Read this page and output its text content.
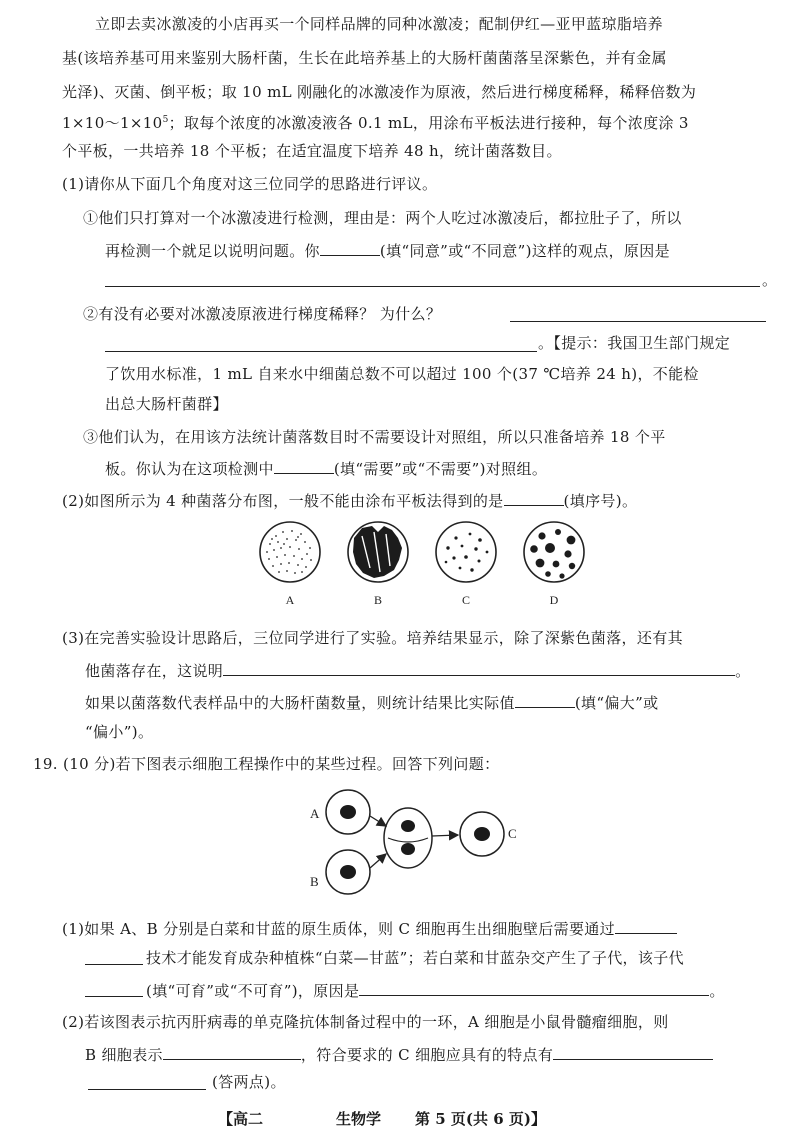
立即去卖冰激凌的小店再买一个同样品牌的同种冰激凌；配制伊红—亚甲蓝琼脂培养
基(该培养基可用来鉴别大肠杆菌，生长在此培养基上的大肠杆菌菌落呈深紫色，并有金属
光泽)、灭菌、倒平板；取 10 mL 刚融化的冰激凌作为原液，然后进行梯度稀释，稀释倍数为
$1\times 10\sim 1\times 10^5$；取每个浓度的冰激凌液各 0.1 mL，用涂布平板法进行接种，每个浓度涂 3
个平板，一共培养 18 个平板；在适宜温度下培养 48 h，统计菌落数目。
(1)请你从下面几个角度对这三位同学的思路进行评议。
①他们只打算对一个冰激凌进行检测，理由是：两个人吃过冰激凌后，都拉肚子了，所以
再检测一个就足以说明问题。你	(填“同意”或“不同意”)这样的观点，原因是
。
②有没有必要对冰激凌原液进行梯度稀释？ 为什么？
。【提示：我国卫生部门规定
了饮用水标准，1 mL 自来水中细菌总数不可以超过 100 个(37 ℃培养 24 h)，不能检
出总大肠杆菌群】
③他们认为，在用该方法统计菌落数目时不需要设计对照组，所以只准备培养 18 个平
板。你认为在这项检测中	(填“需要”或“不需要”)对照组。
(2)如图所示为 4 种菌落分布图，一般不能由涂布平板法得到的是	(填序号)。
A	B	C	D
(3)在完善实验设计思路后，三位同学进行了实验。培养结果显示，除了深紫色菌落，还有其
他菌落存在，这说明	。
如果以菌落数代表样品中的大肠杆菌数量，则统计结果比实际值	(填“偏大”或
“偏小”)。
19. (10 分)若下图表示细胞工程操作中的某些过程。回答下列问题：
A
B
C
(1)如果 A、B 分别是白菜和甘蓝的原生质体，则 C 细胞再生出细胞壁后需要通过
技术才能发育成杂种植株“白菜—甘蓝”；若白菜和甘蓝杂交产生了子代，该子代
(填“可育”或“不可育”)，原因是	。
(2)若该图表示抗丙肝病毒的单克隆抗体制备过程中的一环，A 细胞是小鼠骨髓瘤细胞，则
B 细胞表示	，符合要求的 C 细胞应具有的特点有
(答两点)。
【高二	生物学 第 5 页(共 6 页)】
